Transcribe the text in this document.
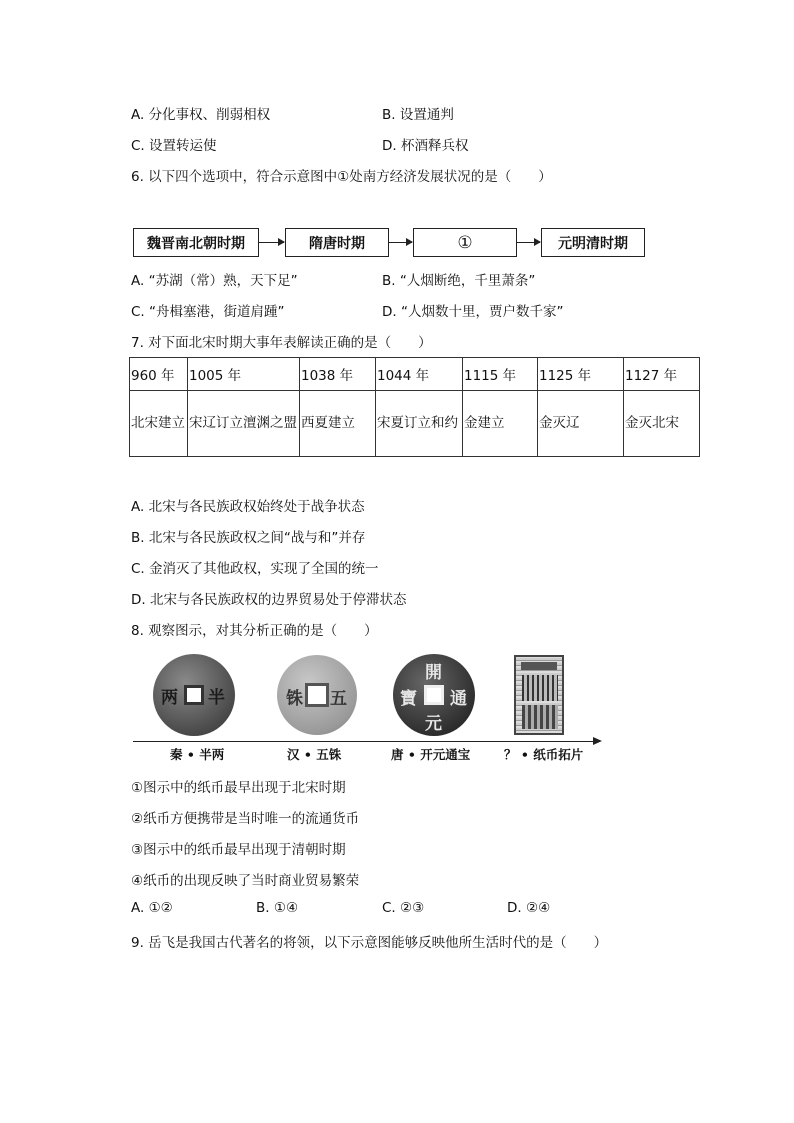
A. 分化事权、削弱相权	B. 设置通判
C. 设置转运使	D. 杯酒释兵权
6. 以下四个选项中，符合示意图中①处南方经济发展状况的是（　　）
魏晋南北朝时期	隋唐时期	①	元明清时期
A. “苏湖（常）熟，天下足”	B. “人烟断绝，千里萧条”
C. “舟楫塞港，街道肩踵”	D. “人烟数十里，贾户数千家”
7. 对下面北宋时期大事年表解读正确的是（　　）
960 年	1005 年	1038 年	1044 年	1115 年	1125 年	1127 年
北宋建立	宋辽订立澶渊之盟	西夏建立	宋夏订立和约	金建立	金灭辽	金灭北宋
A. 北宋与各民族政权始终处于战争状态
B. 北宋与各民族政权之间“战与和”并存
C. 金消灭了其他政权，实现了全国的统一
D. 北宋与各民族政权的边界贸易处于停滞状态
8. 观察图示，对其分析正确的是（　　）
两 半	铢 五
開
寶 通
元
秦 • 半两	汉 • 五铢	唐 • 开元通宝	？ • 纸币拓片
①图示中的纸币最早出现于北宋时期
②纸币方便携带是当时唯一的流通货币
③图示中的纸币最早出现于清朝时期
④纸币的出现反映了当时商业贸易繁荣
A. ①②	B. ①④	C. ②③	D. ②④
9. 岳飞是我国古代著名的将领，以下示意图能够反映他所生活时代的是（　　）
